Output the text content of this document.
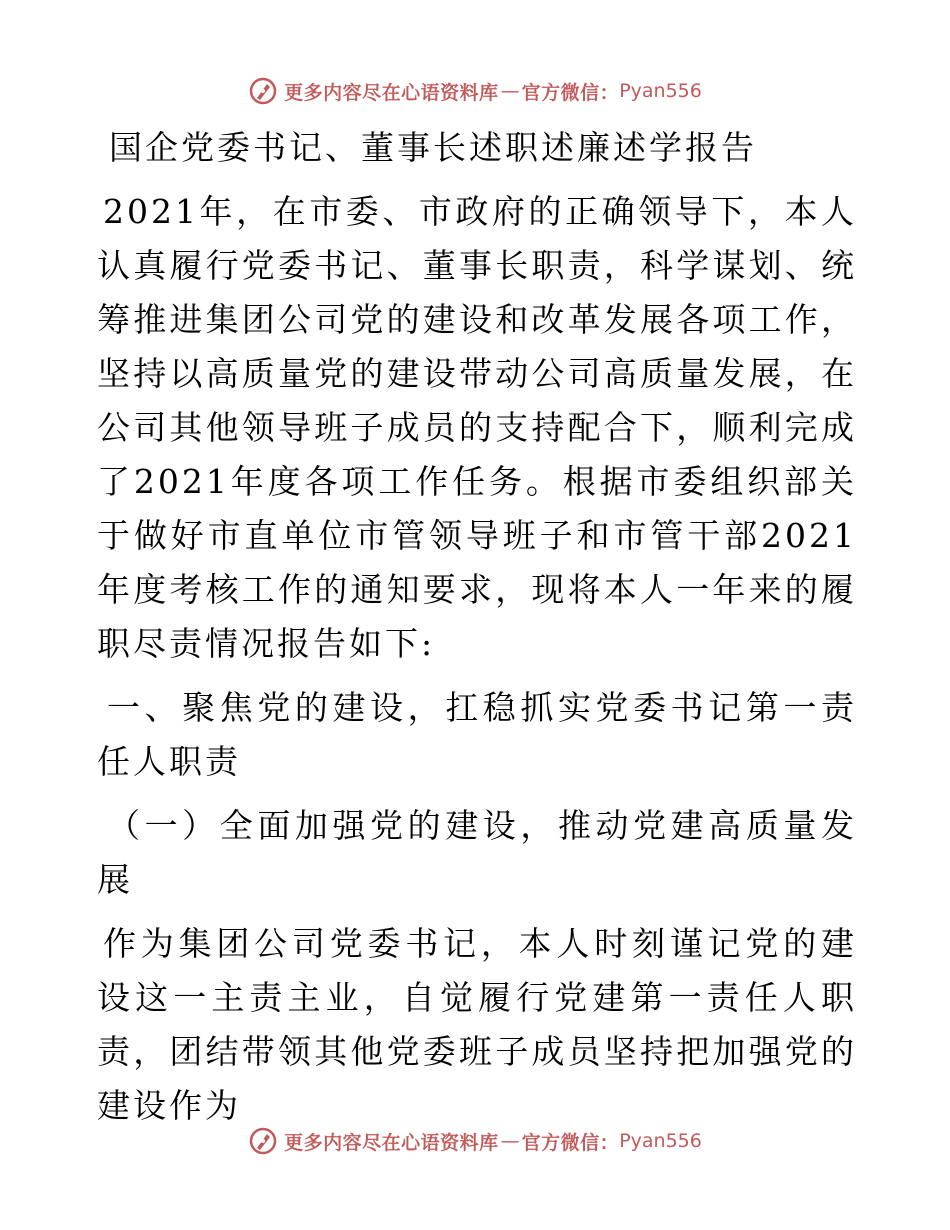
更多内容尽在心语资料库 — 官方微信： Pyan556

国企党委书记、董事长述职述廉述学报告

2021年，在市委、市政府的正确领导下，本人认真履行党委书记、董事长职责，科学谋划、统筹推进集团公司党的建设和改革发展各项工作，坚持以高质量党的建设带动公司高质量发展，在公司其他领导班子成员的支持配合下，顺利完成了2021年度各项工作任务。根据市委组织部关于做好市直单位市管领导班子和市管干部2021年度考核工作的通知要求，现将本人一年来的履职尽责情况报告如下:

一、聚焦党的建设，扛稳抓实党委书记第一责任人职责

（一）全面加强党的建设，推动党建高质量发展

作为集团公司党委书记，本人时刻谨记党的建设这一主责主业，自觉履行党建第一责任人职责，团结带领其他党委班子成员坚持把加强党的建设作为

更多内容尽在心语资料库 — 官方微信： Pyan556
